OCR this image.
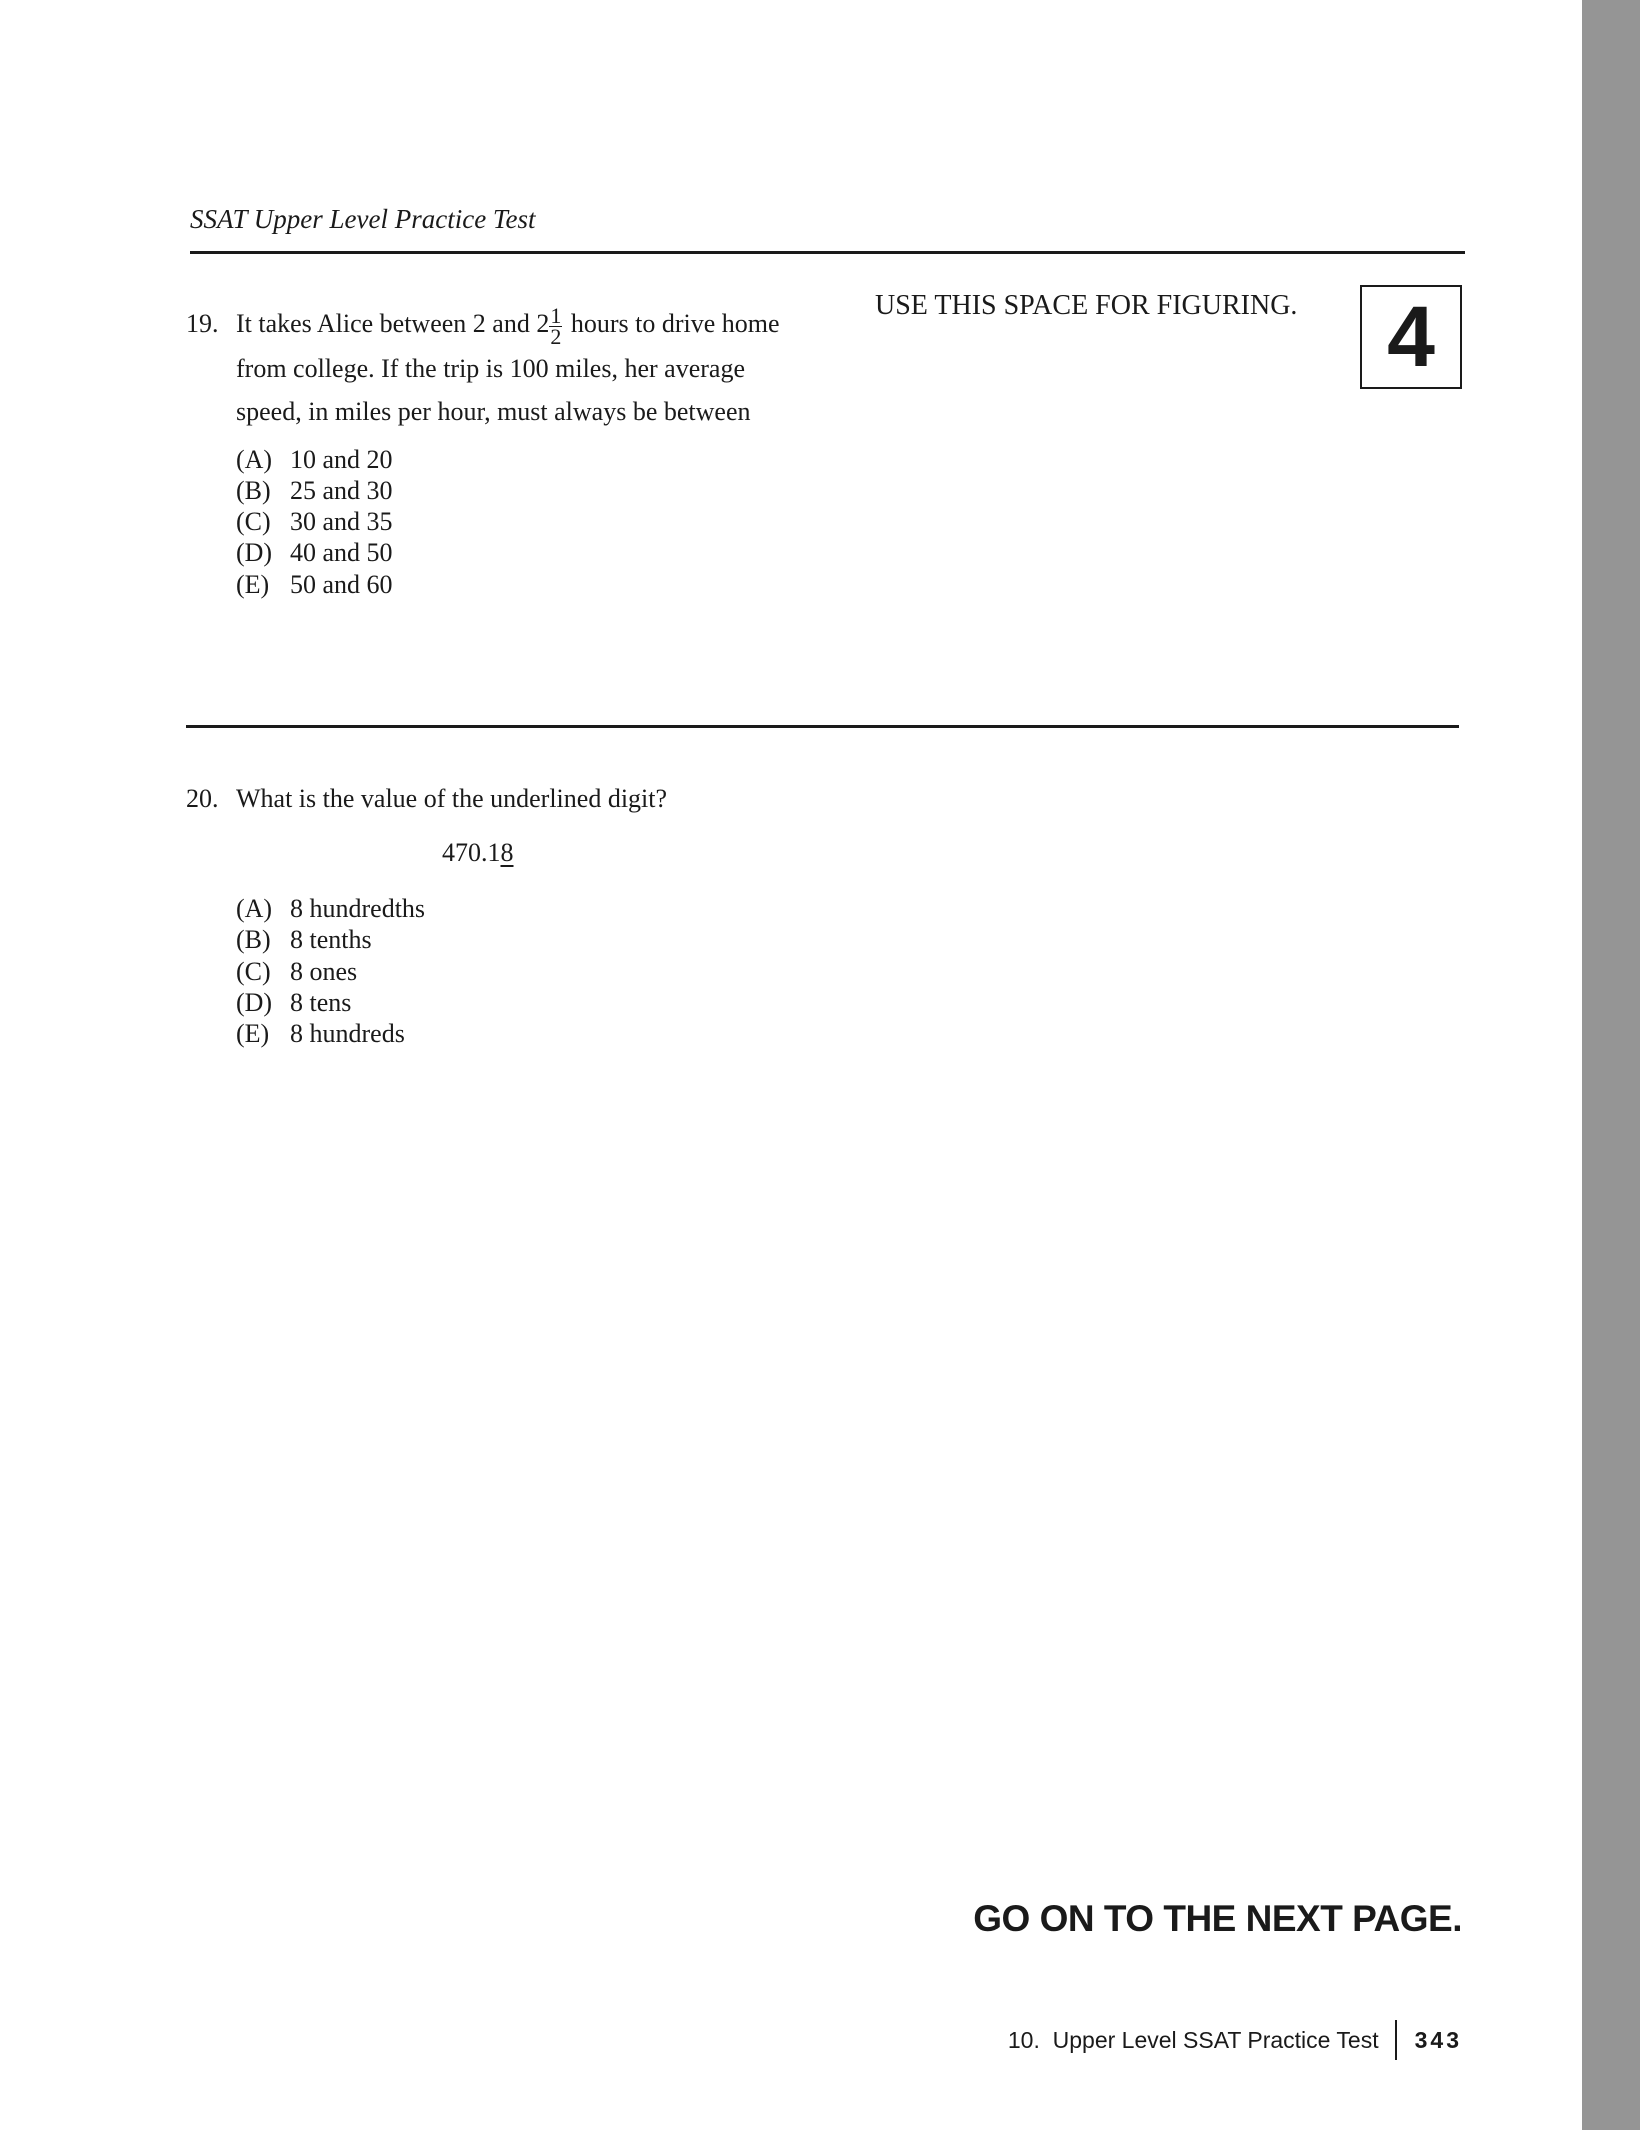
SSAT Upper Level Practice Test
USE THIS SPACE FOR FIGURING.	4
19. It takes Alice between 2 and $2 \frac{1}{2}$ hours to drive home from college. If the trip is 100 miles, her average speed, in miles per hour, must always be between
(A) 10 and 20
(B) 25 and 30
(C) 30 and 35
(D) 40 and 50
(E) 50 and 60
20. What is the value of the underlined digit?
470.18
(A) 8 hundredths
(B) 8 tenths
(C) 8 ones
(D) 8 tens
(E) 8 hundreds
GO ON TO THE NEXT PAGE.
10.  Upper Level SSAT Practice Test 343
